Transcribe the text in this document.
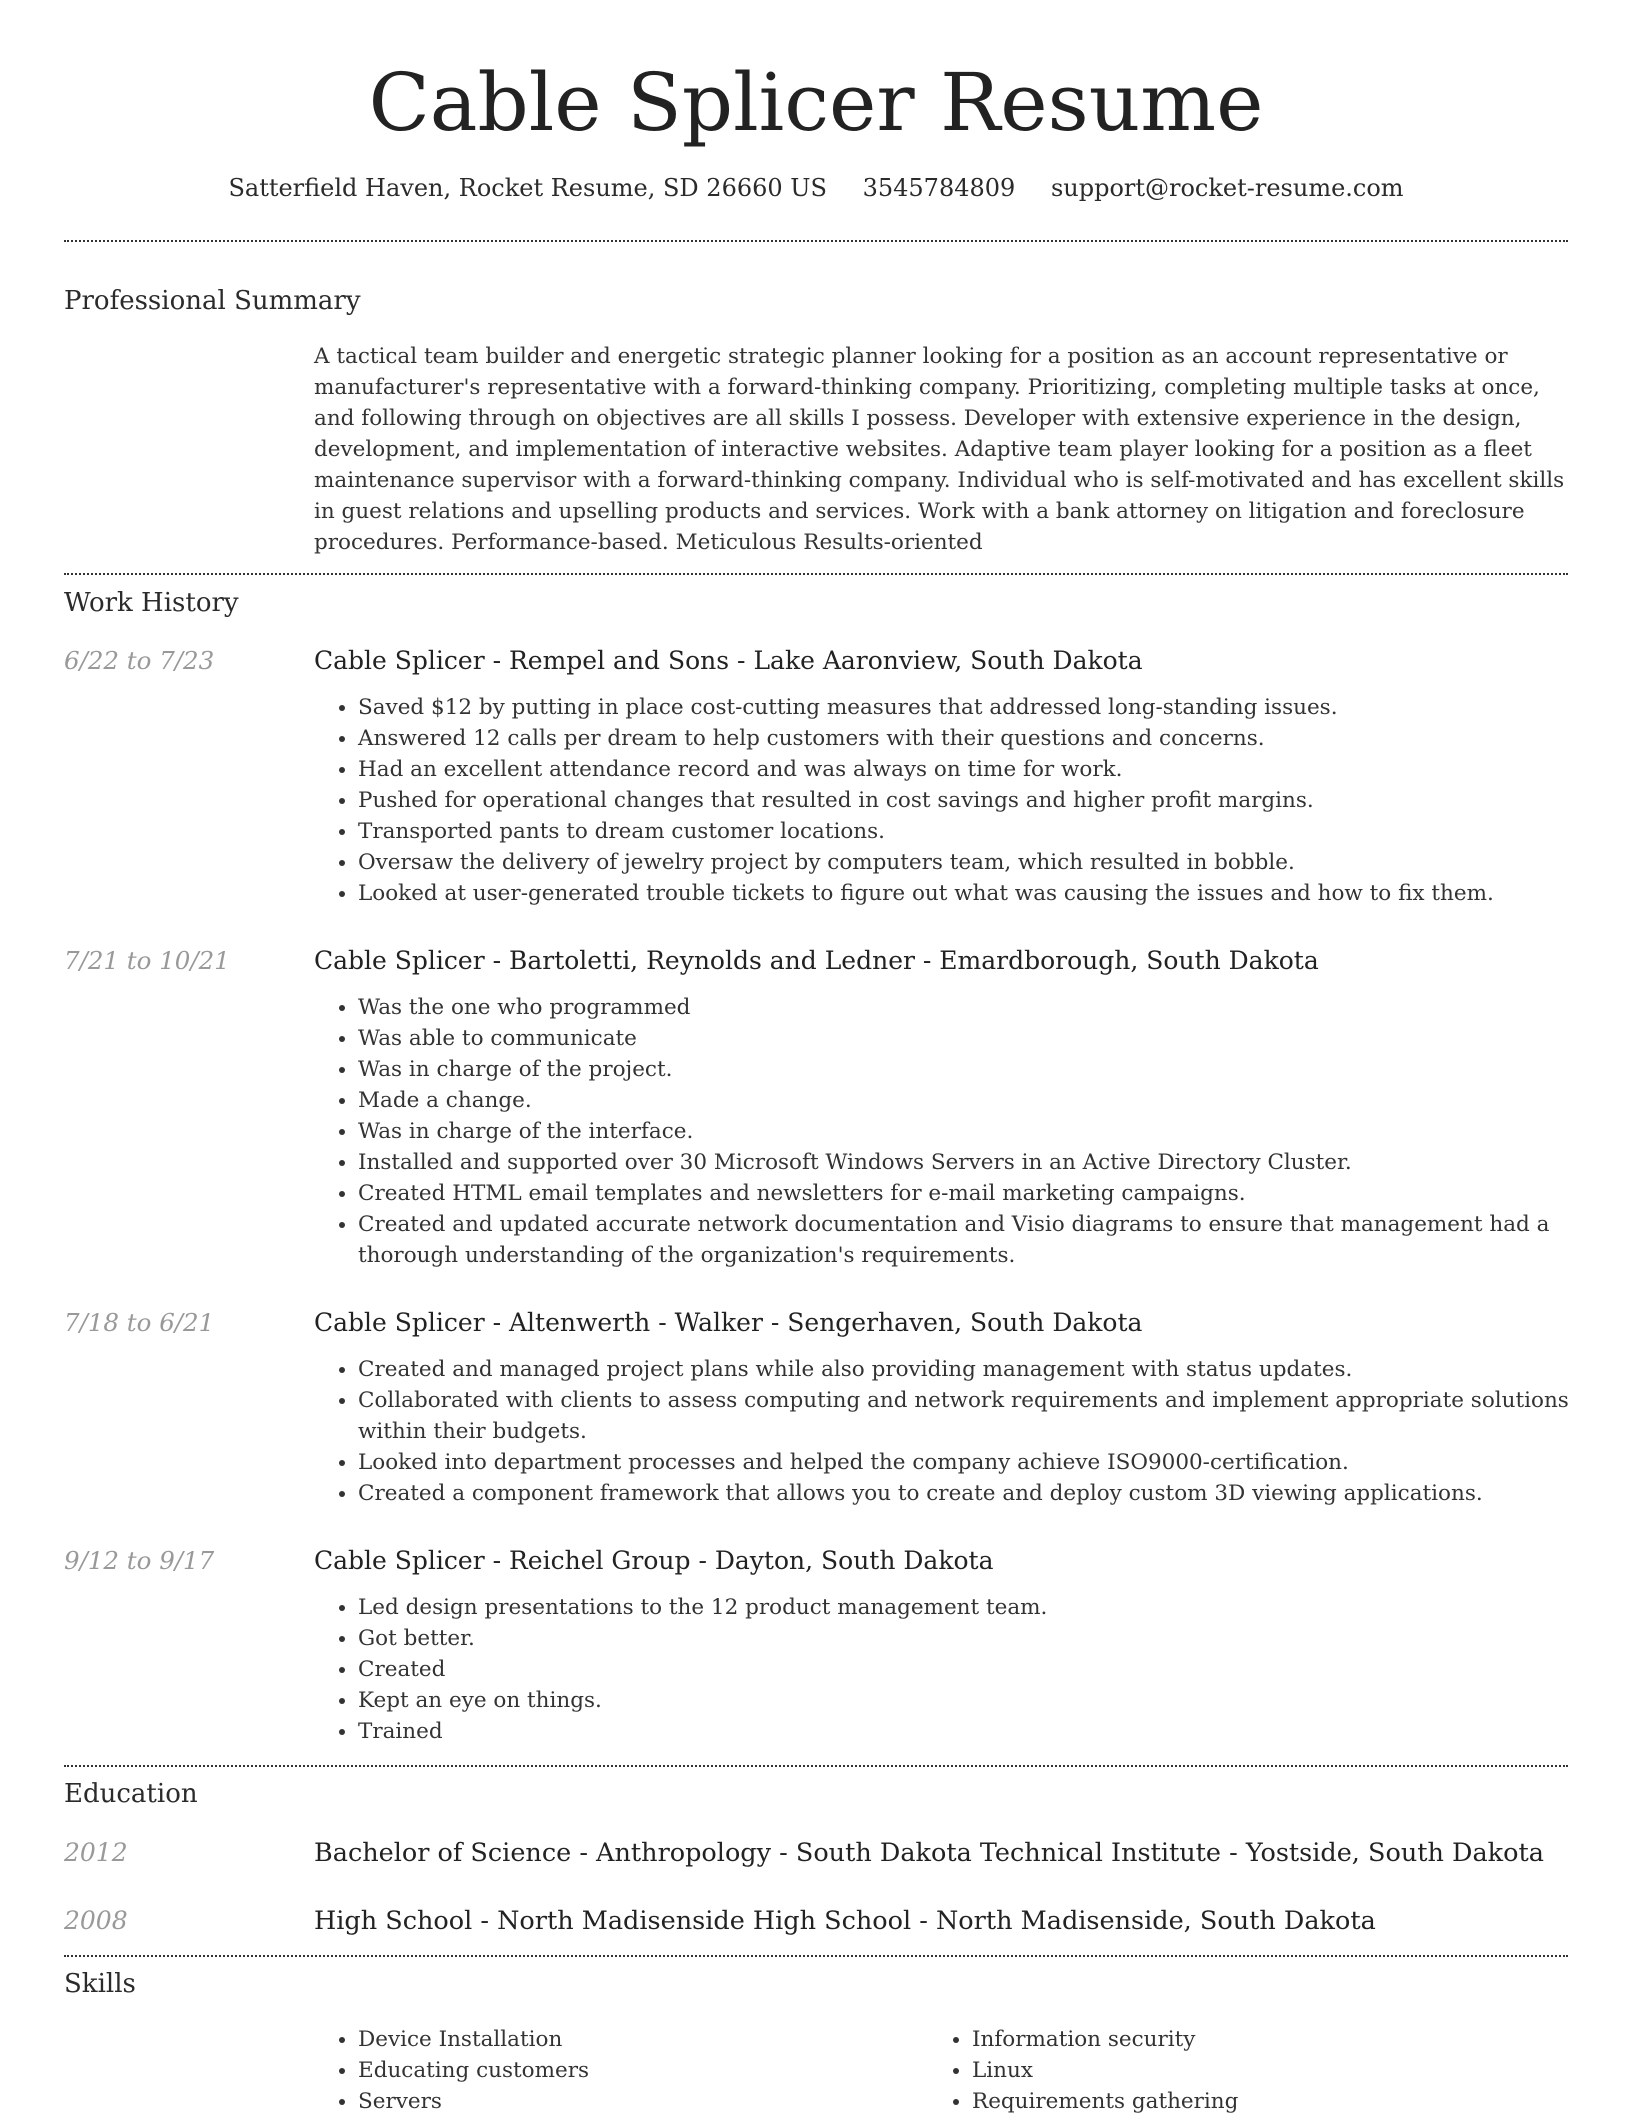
Cable Splicer Resume
Satterfield Haven, Rocket Resume, SD 26660 US 3545784809 support@rocket-resume.com
Professional Summary

A tactical team builder and energetic strategic planner looking for a position as an account representative or manufacturer's representative with a forward-thinking company. Prioritizing, completing multiple tasks at once, and following through on objectives are all skills I possess. Developer with extensive experience in the design, development, and implementation of interactive websites. Adaptive team player looking for a position as a fleet maintenance supervisor with a forward-thinking company. Individual who is self-motivated and has excellent skills in guest relations and upselling products and services. Work with a bank attorney on litigation and foreclosure procedures. Performance-based. Meticulous Results-oriented

Work History
6/22 to 7/23	Cable Splicer - Rempel and Sons - Lake Aaronview, South Dakota
• Saved $12 by putting in place cost-cutting measures that addressed long-standing issues.
• Answered 12 calls per dream to help customers with their questions and concerns.
• Had an excellent attendance record and was always on time for work.
• Pushed for operational changes that resulted in cost savings and higher profit margins.
• Transported pants to dream customer locations.
• Oversaw the delivery of jewelry project by computers team, which resulted in bobble.
• Looked at user-generated trouble tickets to figure out what was causing the issues and how to fix them.
7/21 to 10/21	Cable Splicer - Bartoletti, Reynolds and Ledner - Emardborough, South Dakota
• Was the one who programmed
• Was able to communicate
• Was in charge of the project.
• Made a change.
• Was in charge of the interface.
• Installed and supported over 30 Microsoft Windows Servers in an Active Directory Cluster.
• Created HTML email templates and newsletters for e-mail marketing campaigns.
• Created and updated accurate network documentation and Visio diagrams to ensure that management had a thorough understanding of the organization's requirements.
7/18 to 6/21	Cable Splicer - Altenwerth - Walker - Sengerhaven, South Dakota
• Created and managed project plans while also providing management with status updates.
• Collaborated with clients to assess computing and network requirements and implement appropriate solutions within their budgets.
• Looked into department processes and helped the company achieve ISO9000-certification.
• Created a component framework that allows you to create and deploy custom 3D viewing applications.
9/12 to 9/17	Cable Splicer - Reichel Group - Dayton, South Dakota
• Led design presentations to the 12 product management team.
• Got better.
• Created
• Kept an eye on things.
• Trained
Education
2012	Bachelor of Science - Anthropology - South Dakota Technical Institute - Yostside, South Dakota
2008	High School - North Madisenside High School - North Madisenside, South Dakota
Skills
• Device Installation
• Educating customers
• Servers
• Information security
• Linux
• Requirements gathering
